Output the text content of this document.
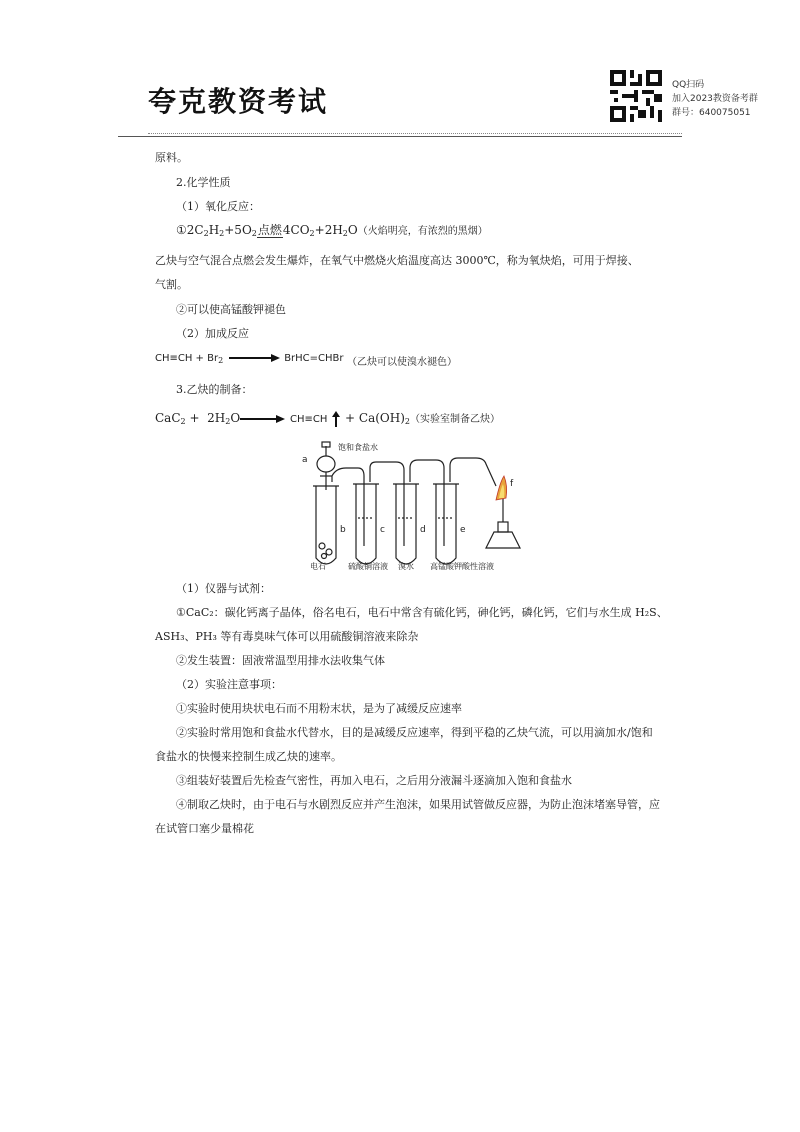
夸克教资考试	QQ扫码
加入2023教资备考群
群号：640075051
原料。
2.化学性质
（1）氧化反应：
$①2C_2H_2+5O_2$点燃$4CO_2+2H_2O$（火焰明亮，有浓烈的黑烟）
乙炔与空气混合点燃会发生爆炸，在氧气中燃烧火焰温度高达 3000℃，称为氧炔焰，可用于焊接、
气割。
②可以使高锰酸钾褪色
（2）加成反应
$CH\equiv CH + Br_2$	BrHC=CHBr （乙炔可以使溴水褪色）
3.乙炔的制备：
$CaC_2 + 2H_2O$	$CH\equiv CH + Ca(OH)_2$（实验室制备乙炔）
饱和食盐水
a
b	c	d	e
f
电石	硫酸铜溶液 溴水 高锰酸钾酸性溶液
（1）仪器与试剂：
①CaC₂：碳化钙离子晶体，俗名电石，电石中常含有硫化钙，砷化钙，磷化钙，它们与水生成 H₂S、
ASH₃、PH₃ 等有毒臭味气体可以用硫酸铜溶液来除杂
②发生装置：固液常温型用排水法收集气体
（2）实验注意事项：
①实验时使用块状电石而不用粉末状，是为了减缓反应速率
②实验时常用饱和食盐水代替水，目的是减缓反应速率，得到平稳的乙炔气流，可以用滴加水/饱和
食盐水的快慢来控制生成乙炔的速率。
③组装好装置后先检查气密性，再加入电石，之后用分液漏斗逐滴加入饱和食盐水
④制取乙炔时，由于电石与水剧烈反应并产生泡沫，如果用试管做反应器，为防止泡沫堵塞导管，应
在试管口塞少量棉花
